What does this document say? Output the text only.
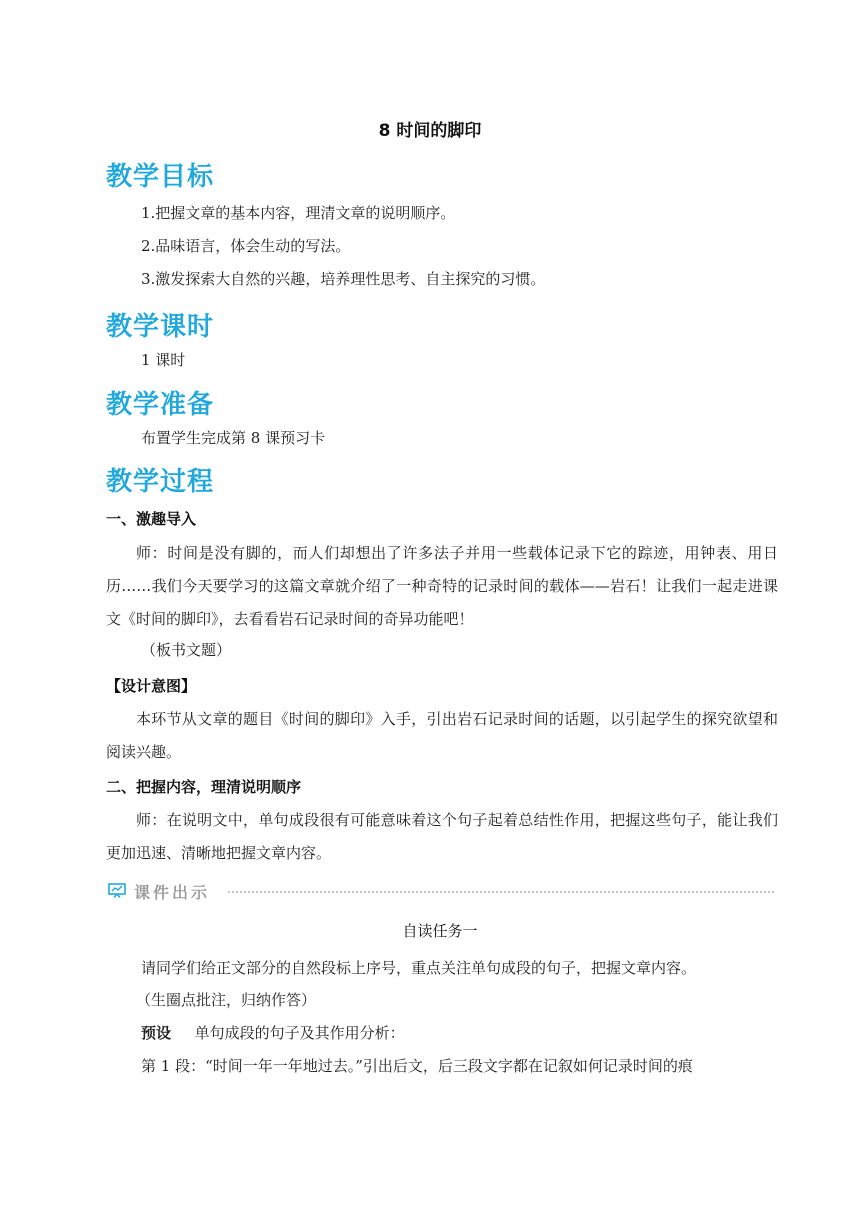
8 时间的脚印
教学目标
1.把握文章的基本内容，理清文章的说明顺序。
2.品味语言，体会生动的写法。
3.激发探索大自然的兴趣，培养理性思考、自主探究的习惯。
教学课时
1 课时
教学准备
布置学生完成第 8 课预习卡
教学过程
一、激趣导入
师：时间是没有脚的，而人们却想出了许多法子并用一些载体记录下它的踪迹，用钟表、用日历……我们今天要学习的这篇文章就介绍了一种奇特的记录时间的载体——岩石！让我们一起走进课文《时间的脚印》，去看看岩石记录时间的奇异功能吧！
（板书文题）
【设计意图】
本环节从文章的题目《时间的脚印》入手，引出岩石记录时间的话题，以引起学生的探究欲望和阅读兴趣。
二、把握内容，理清说明顺序
师：在说明文中，单句成段很有可能意味着这个句子起着总结性作用，把握这些句子，能让我们更加迅速、清晰地把握文章内容。
课件出示
自读任务一
请同学们给正文部分的自然段标上序号，重点关注单句成段的句子，把握文章内容。
（生圈点批注，归纳作答）
预设 单句成段的句子及其作用分析：
第 1 段：“时间一年一年地过去。”引出后文，后三段文字都在记叙如何记录时间的痕
